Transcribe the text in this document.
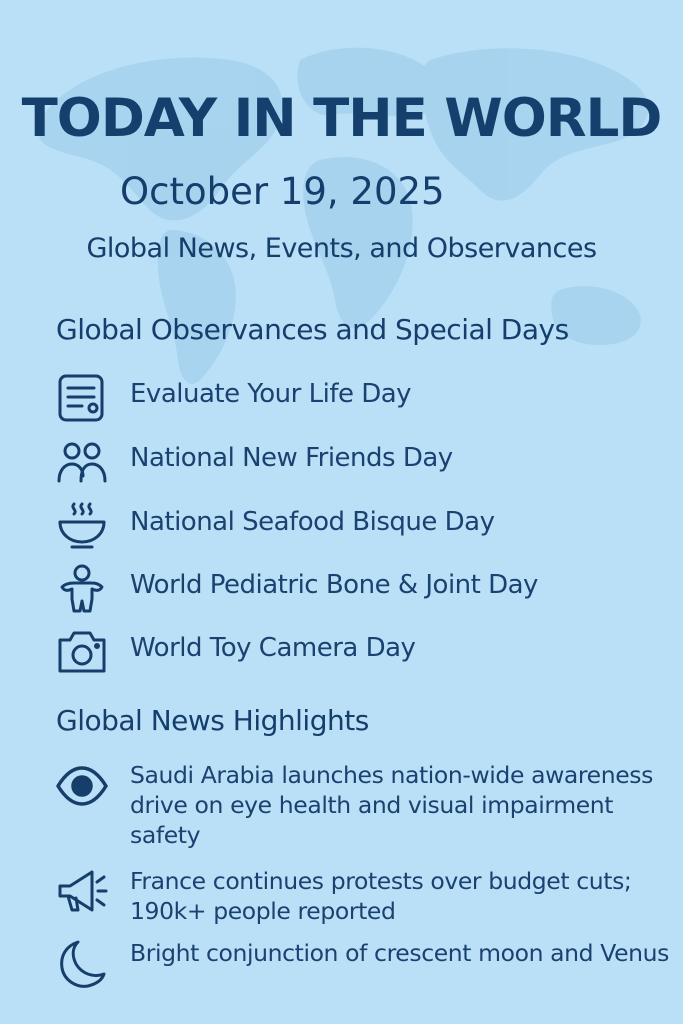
TODAY IN THE WORLD
October 19, 2025
Global News, Events, and Observances
Global Observances and Special Days
Evaluate Your Life Day
National New Friends Day
National Seafood Bisque Day
World Pediatric Bone & Joint Day
World Toy Camera Day
Global News Highlights
Saudi Arabia launches nation-wide awareness drive on eye health and visual impairment safety
France continues protests over budget cuts; 190k+ people reported
Bright conjunction of crescent moon and Venus
